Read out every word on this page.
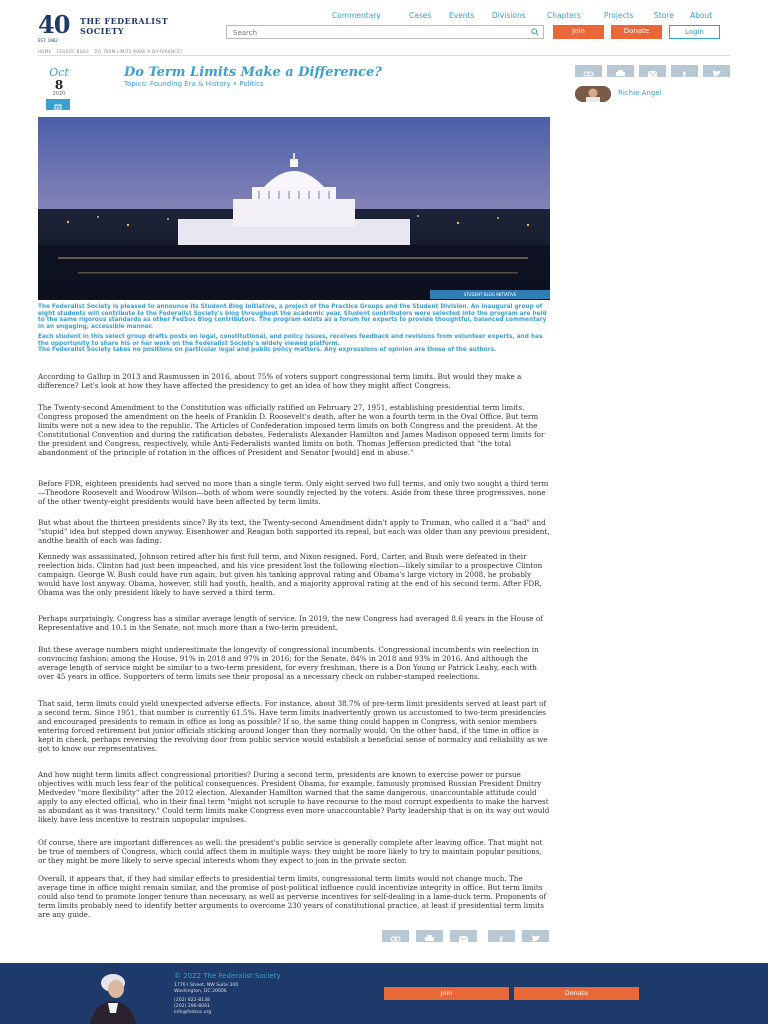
40 THE FEDERALIST
SOCIETY
EST. 1982
Commentary	Cases Events Divisions	Chapters	Projects	Store About
Search	Join	Donate	Login
HOME FEDSOC BLOG DO TERM LIMITS MAKE A DIFFERENCE?
Oct
8
2020
Do Term Limits Make a Difference?
Topics: Founding Era & History • Politics
f
Richie Angel
STUDENT BLOG INITIATIVE
The Federalist Society is pleased to announce its Student Blog Initiative, a project of the Practice Groups and the Student Division. An inaugural group of eight students will contribute to the Federalist Society's blog throughout the academic year. Student contributors were selected into the program are held to the same rigorous standards as other FedSoc Blog contributors. The program exists as a forum for experts to provide thoughtful, balanced commentary in an engaging, accessible manner.
Each student in this select group drafts posts on legal, constitutional, and policy issues, receives feedback and revisions from volunteer experts, and has the opportunity to share his or her work on the Federalist Society's widely viewed platform.
The Federalist Society takes no positions on particular legal and public policy matters. Any expressions of opinion are those of the authors.

According to Gallup in 2013 and Rasmussen in 2016, about 75% of voters support congressional term limits. But would they make a difference? Let's look at how they have affected the presidency to get an idea of how they might affect Congress.

The Twenty-second Amendment to the Constitution was officially ratified on February 27, 1951, establishing presidential term limits. Congress proposed the amendment on the heels of Franklin D. Roosevelt's death, after he won a fourth term in the Oval Office. But term limits were not a new idea to the republic. The Articles of Confederation imposed term limits on both Congress and the president. At the Constitutional Convention and during the ratification debates, Federalists Alexander Hamilton and James Madison opposed term limits for the president and Congress, respectively, while Anti-Federalists wanted limits on both. Thomas Jefferson predicted that "the total abandonment of the principle of rotation in the offices of President and Senator [would] end in abuse."

Before FDR, eighteen presidents had served no more than a single term. Only eight served two full terms, and only two sought a third term—Theodore Roosevelt and Woodrow Wilson—both of whom were soundly rejected by the voters. Aside from these three progressives, none of the other twenty-eight presidents would have been affected by term limits.

But what about the thirteen presidents since? By its text, the Twenty-second Amendment didn't apply to Truman, who called it a "bad" and "stupid" idea but stepped down anyway. Eisenhower and Reagan both supported its repeal, but each was older than any previous president, andthe health of each was fading.

Kennedy was assassinated, Johnson retired after his first full term, and Nixon resigned. Ford, Carter, and Bush were defeated in their reelection bids. Clinton had just been impeached, and his vice president lost the following election—likely similar to a prospective Clinton campaign. George W. Bush could have run again, but given his tanking approval rating and Obama's large victory in 2008, he probably would have lost anyway. Obama, however, still had youth, health, and a majority approval rating at the end of his second term. After FDR, Obama was the only president likely to have served a third term.

Perhaps surprisingly, Congress has a similar average length of service. In 2019, the new Congress had averaged 8.6 years in the House of Representative and 10.1 in the Senate, not much more than a two-term president.

But these average numbers might underestimate the longevity of congressional incumbents. Congressional incumbents win reelection in convincing fashion: among the House, 91% in 2018 and 97% in 2016; for the Senate, 84% in 2018 and 93% in 2016. And although the average length of service might be similar to a two-term president, for every freshman, there is a Don Young or Patrick Leahy, each with over 45 years in office. Supporters of term limits see their proposal as a necessary check on rubber-stamped reelections.

That said, term limits could yield unexpected adverse effects. For instance, about 38.7% of pre-term limit presidents served at least part of a second term. Since 1951, that number is currently 61.5%. Have term limits inadvertently grown us accustomed to two-term presidencies and encouraged presidents to remain in office as long as possible? If so, the same thing could happen in Congress, with senior members entering forced retirement but junior officials sticking around longer than they normally would. On the other hand, if the time in office is kept in check, perhaps reversing the revolving door from public service would establish a beneficial sense of normalcy and reliability as we got to know our representatives.

And how might term limits affect congressional priorities? During a second term, presidents are known to exercise power or pursue objectives with much less fear of the political consequences. President Obama, for example, famously promised Russian President Dmitry Medvedev "more flexibility" after the 2012 election. Alexander Hamilton warned that the same dangerous, unaccountable attitude could apply to any elected official, who in their final term "might not scruple to have recourse to the most corrupt expedients to make the harvest as abundant as it was transitory." Could term limits make Congress even more unaccountable? Party leadership that is on its way out would likely have less incentive to restrain unpopular impulses.

Of course, there are important differences as well: the president's public service is generally complete after leaving office. That might not be true of members of Congress, which could affect them in multiple ways: they might be more likely to try to maintain popular positions, or they might be more likely to serve special interests whom they expect to join in the private sector.

Overall, it appears that, if they had similar effects to presidential term limits, congressional term limits would not change much. The average time in office might remain similar, and the promise of post-political influence could incentivize integrity in office. But term limits could also tend to promote longer tenure than necessary, as well as perverse incentives for self-dealing in a lame-duck term. Proponents of term limits probably need to identify better arguments to overcome 230 years of constitutional practice, at least if presidential term limits are any guide.

f
© 2022 The Federalist Society
1776 I Street, NW Suite 300
Washington, DC 20006
(202) 822-8138
(202) 296-8061
info@fedsoc.org
Join	Donate
